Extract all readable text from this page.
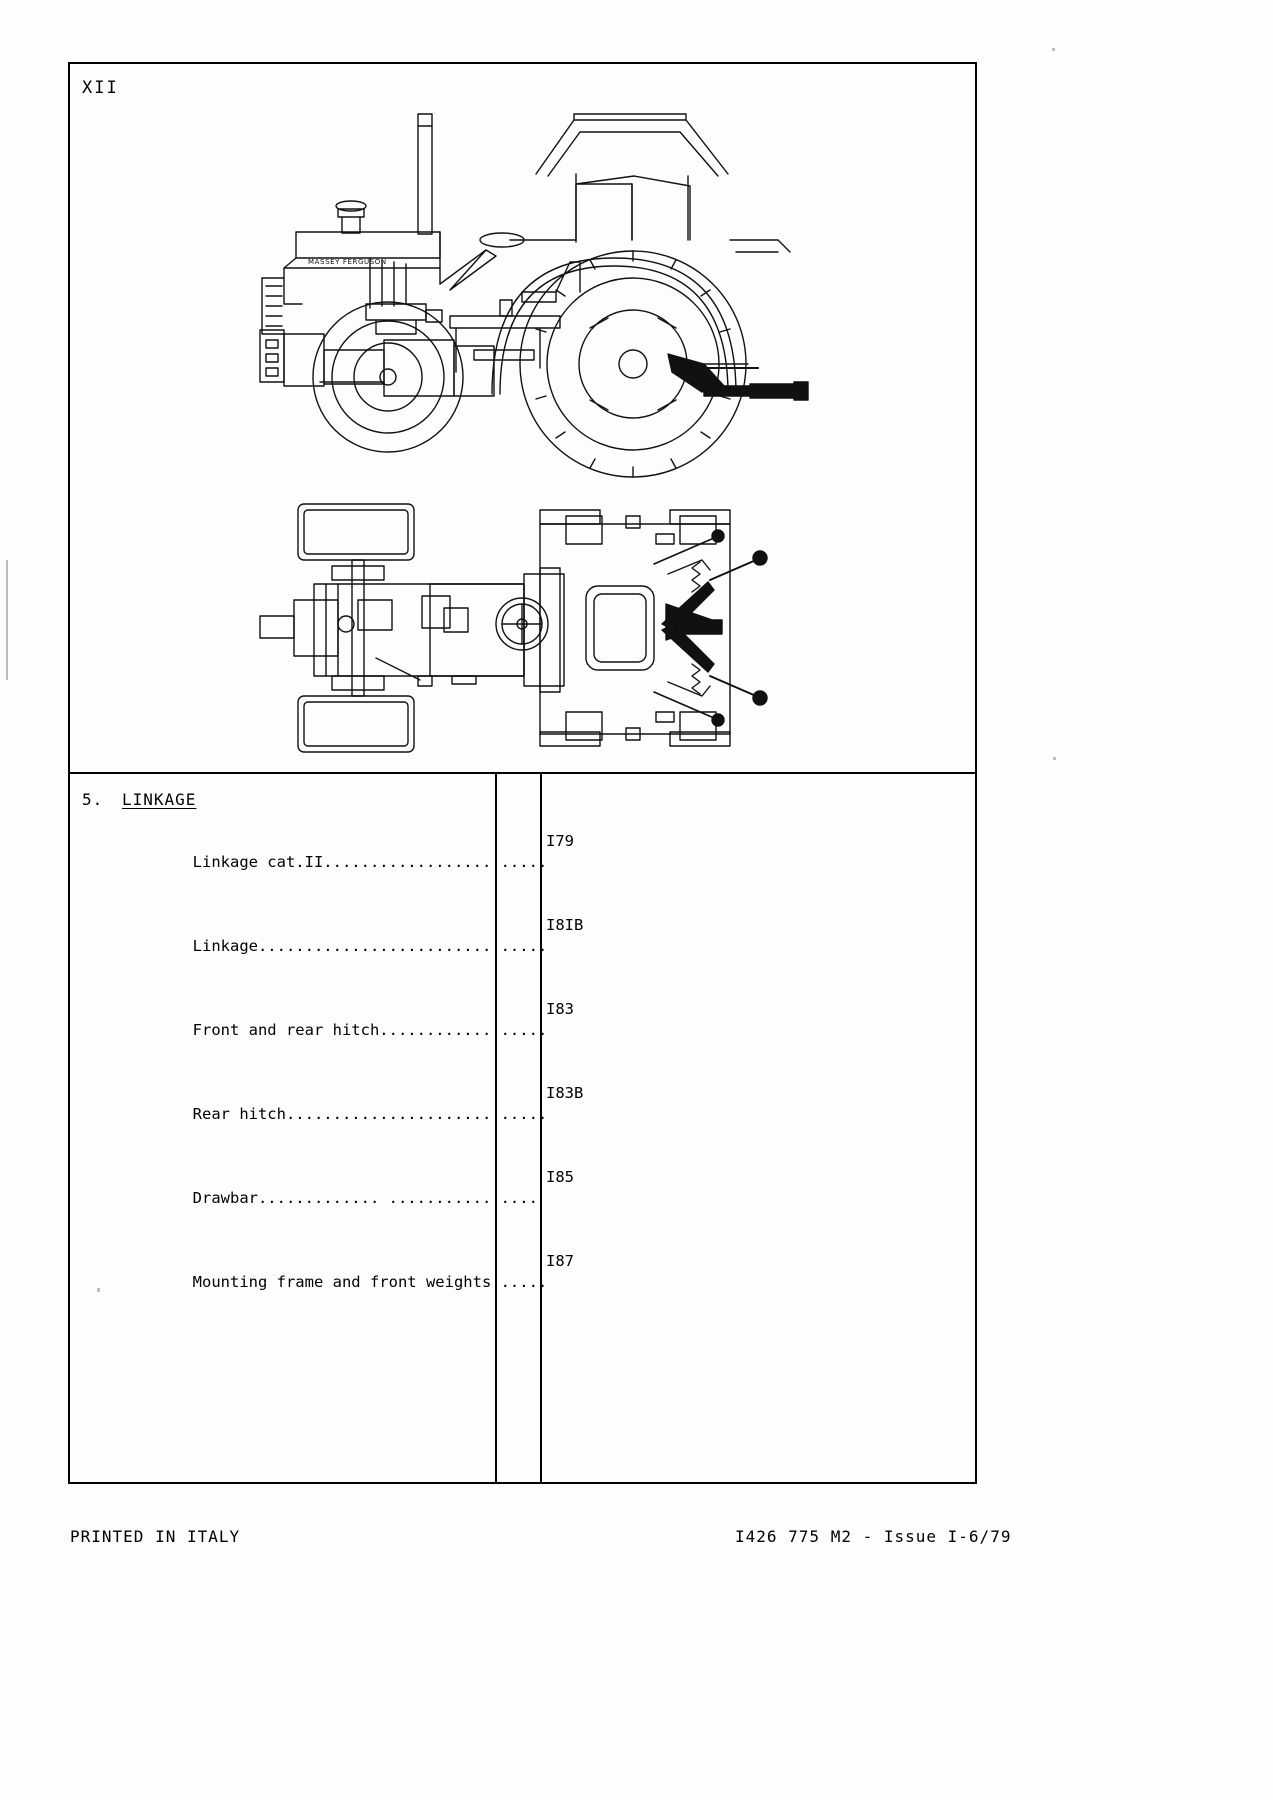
XII
MASSEY FERGUSON
5. LINKAGE

Linkage cat.II........................

I79

Linkage...............................

I8IB

Front and rear hitch..................

I83

Rear hitch............................

I83B

Drawbar............. ................

I85

Mounting frame and front weights......

I87

PRINTED IN ITALY	I426 775 M2 - Issue I-6/79
